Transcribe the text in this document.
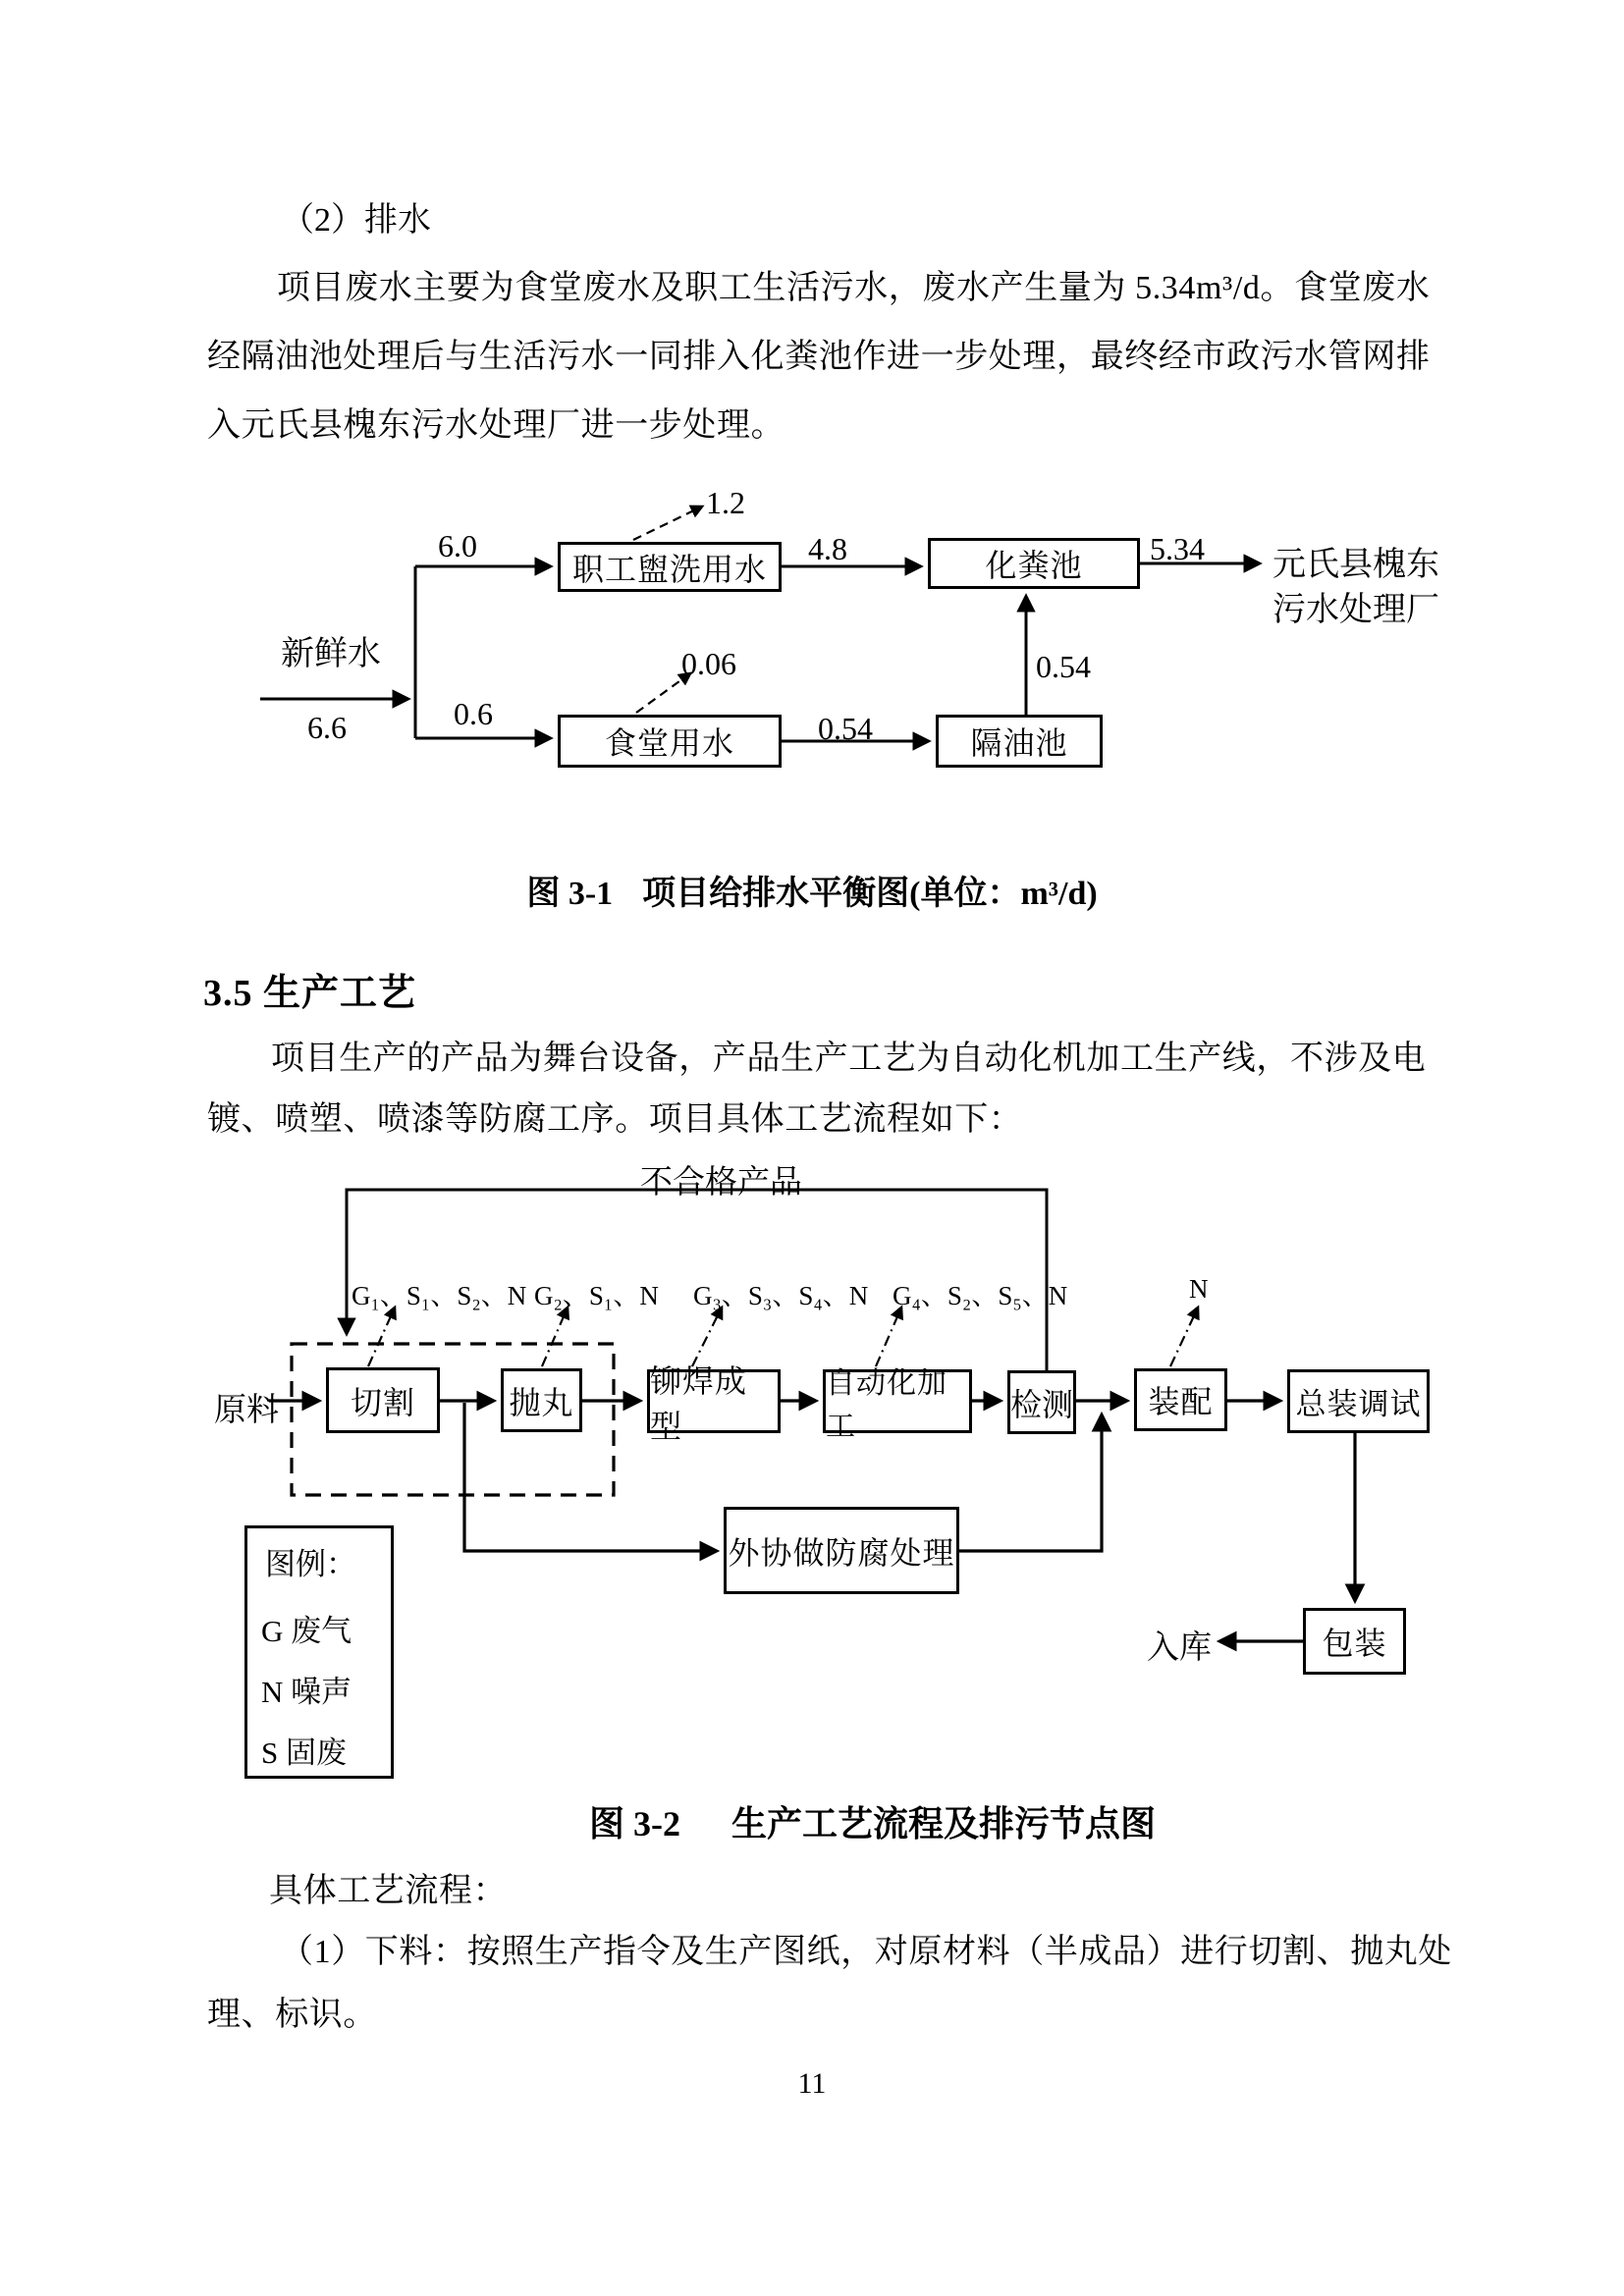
（2）排水
项目废水主要为食堂废水及职工生活污水，废水产生量为 5.34m³/d。食堂废水
经隔油池处理后与生活污水一同排入化粪池作进一步处理，最终经市政污水管网排
入元氏县槐东污水处理厂进一步处理。
职工盥洗用水	化粪池
食堂用水	隔油池
新鲜水
元氏县槐东
污水处理厂
6.6
6.0
1.2
4.8	5.34
0.6
0.06
0.54
0.54
图 3-1 项目给排水平衡图(单位：m³/d)
3.5 生产工艺
项目生产的产品为舞台设备，产品生产工艺为自动化机加工生产线，不涉及电
镀、喷塑、喷漆等防腐工序。项目具体工艺流程如下：
不合格产品
G₁、S₁、S₂、N G₂、S₁、N G₃、S₃、S₄、N G₄、S₂、S₅、N	N
原料 切割	抛丸
铆焊成型
自动化加工
检测 装配	总装调试
外协做防腐处理
包装
入库
图例：
G 废气
N 噪声
S 固废
图 3-2 生产工艺流程及排污节点图
具体工艺流程：
（1）下料：按照生产指令及生产图纸，对原材料（半成品）进行切割、抛丸处
理、标识。
11
